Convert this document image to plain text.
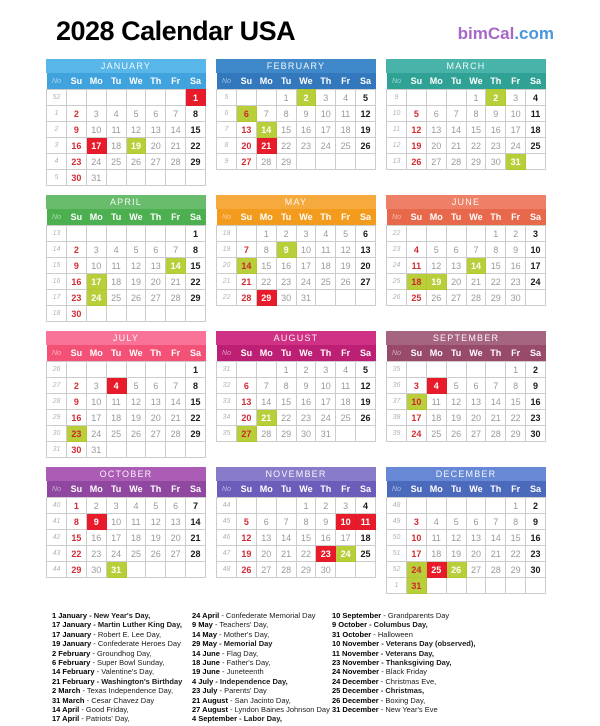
2028 Calendar USA	bimCal.com
JANUARY
No	Su	Mo	Tu	We	Th	Fr	Sa
52							1
1	2	3	4	5	6	7	8
2	9	10	11	12	13	14	15
3	16	17	18	19	20	21	22
4	23	24	25	26	27	28	29
5	30	31					
FEBRUARY
No	Su	Mo	Tu	We	Th	Fr	Sa
5			1	2	3	4	5
6	6	7	8	9	10	11	12
7	13	14	15	16	17	18	19
8	20	21	22	23	24	25	26
9	27	28	29				
MARCH
No	Su	Mo	Tu	We	Th	Fr	Sa
9				1	2	3	4
10	5	6	7	8	9	10	11
11	12	13	14	15	16	17	18
12	19	20	21	22	23	24	25
13	26	27	28	29	30	31	
APRIL
No	Su	Mo	Tu	We	Th	Fr	Sa
13							1
14	2	3	4	5	6	7	8
15	9	10	11	12	13	14	15
16	16	17	18	19	20	21	22
17	23	24	25	26	27	28	29
18	30						
MAY
No	Su	Mo	Tu	We	Th	Fr	Sa
18		1	2	3	4	5	6
19	7	8	9	10	11	12	13
20	14	15	16	17	18	19	20
21	21	22	23	24	25	26	27
22	28	29	30	31			
JUNE
No	Su	Mo	Tu	We	Th	Fr	Sa
22					1	2	3
23	4	5	6	7	8	9	10
24	11	12	13	14	15	16	17
25	18	19	20	21	22	23	24
26	25	26	27	28	29	30	
JULY
No	Su	Mo	Tu	We	Th	Fr	Sa
26							1
27	2	3	4	5	6	7	8
28	9	10	11	12	13	14	15
29	16	17	18	19	20	21	22
30	23	24	25	26	27	28	29
31	30	31					
AUGUST
No	Su	Mo	Tu	We	Th	Fr	Sa
31			1	2	3	4	5
32	6	7	8	9	10	11	12
33	13	14	15	16	17	18	19
34	20	21	22	23	24	25	26
35	27	28	29	30	31		
SEPTEMBER
No	Su	Mo	Tu	We	Th	Fr	Sa
35						1	2
36	3	4	5	6	7	8	9
37	10	11	12	13	14	15	16
38	17	18	19	20	21	22	23
39	24	25	26	27	28	29	30
OCTOBER
No	Su	Mo	Tu	We	Th	Fr	Sa
40	1	2	3	4	5	6	7
41	8	9	10	11	12	13	14
42	15	16	17	18	19	20	21
43	22	23	24	25	26	27	28
44	29	30	31				
NOVEMBER
No	Su	Mo	Tu	We	Th	Fr	Sa
44				1	2	3	4
45	5	6	7	8	9	10	11
46	12	13	14	15	16	17	18
47	19	20	21	22	23	24	25
48	26	27	28	29	30		
DECEMBER
No	Su	Mo	Tu	We	Th	Fr	Sa
48						1	2
49	3	4	5	6	7	8	9
50	10	11	12	13	14	15	16
51	17	18	19	20	21	22	23
52	24	25	26	27	28	29	30
1	31						
1 January - New Year's Day,
17 January - Martin Luther King Day,
17 January - Robert E. Lee Day,
19 January - Confederate Heroes Day
2 February - Groundhog Day,
6 February - Super Bowl Sunday,
14 February - Valentine's Day,
21 February - Washington's Birthday
2 March - Texas Independence Day,
31 March - Cesar Chavez Day
14 April - Good Friday,
17 April - Patriots' Day,
24 April - Confederate Memorial Day
9 May - Teachers' Day,
14 May - Mother's Day,
29 May - Memorial Day
14 June - Flag Day,
18 June - Father's Day,
19 June - Juneteenth
4 July - Independence Day,
23 July - Parents' Day
21 August - San Jacinto Day,
27 August - Lyndon Baines Johnson Day
4 September - Labor Day,
10 September - Grandparents Day
9 October - Columbus Day,
31 October - Halloween
10 November - Veterans Day (observed),
11 November - Veterans Day,
23 November - Thanksgiving Day,
24 November - Black Friday
24 December - Christmas Eve,
25 December - Christmas,
26 December - Boxing Day,
31 December - New Year's Eve
